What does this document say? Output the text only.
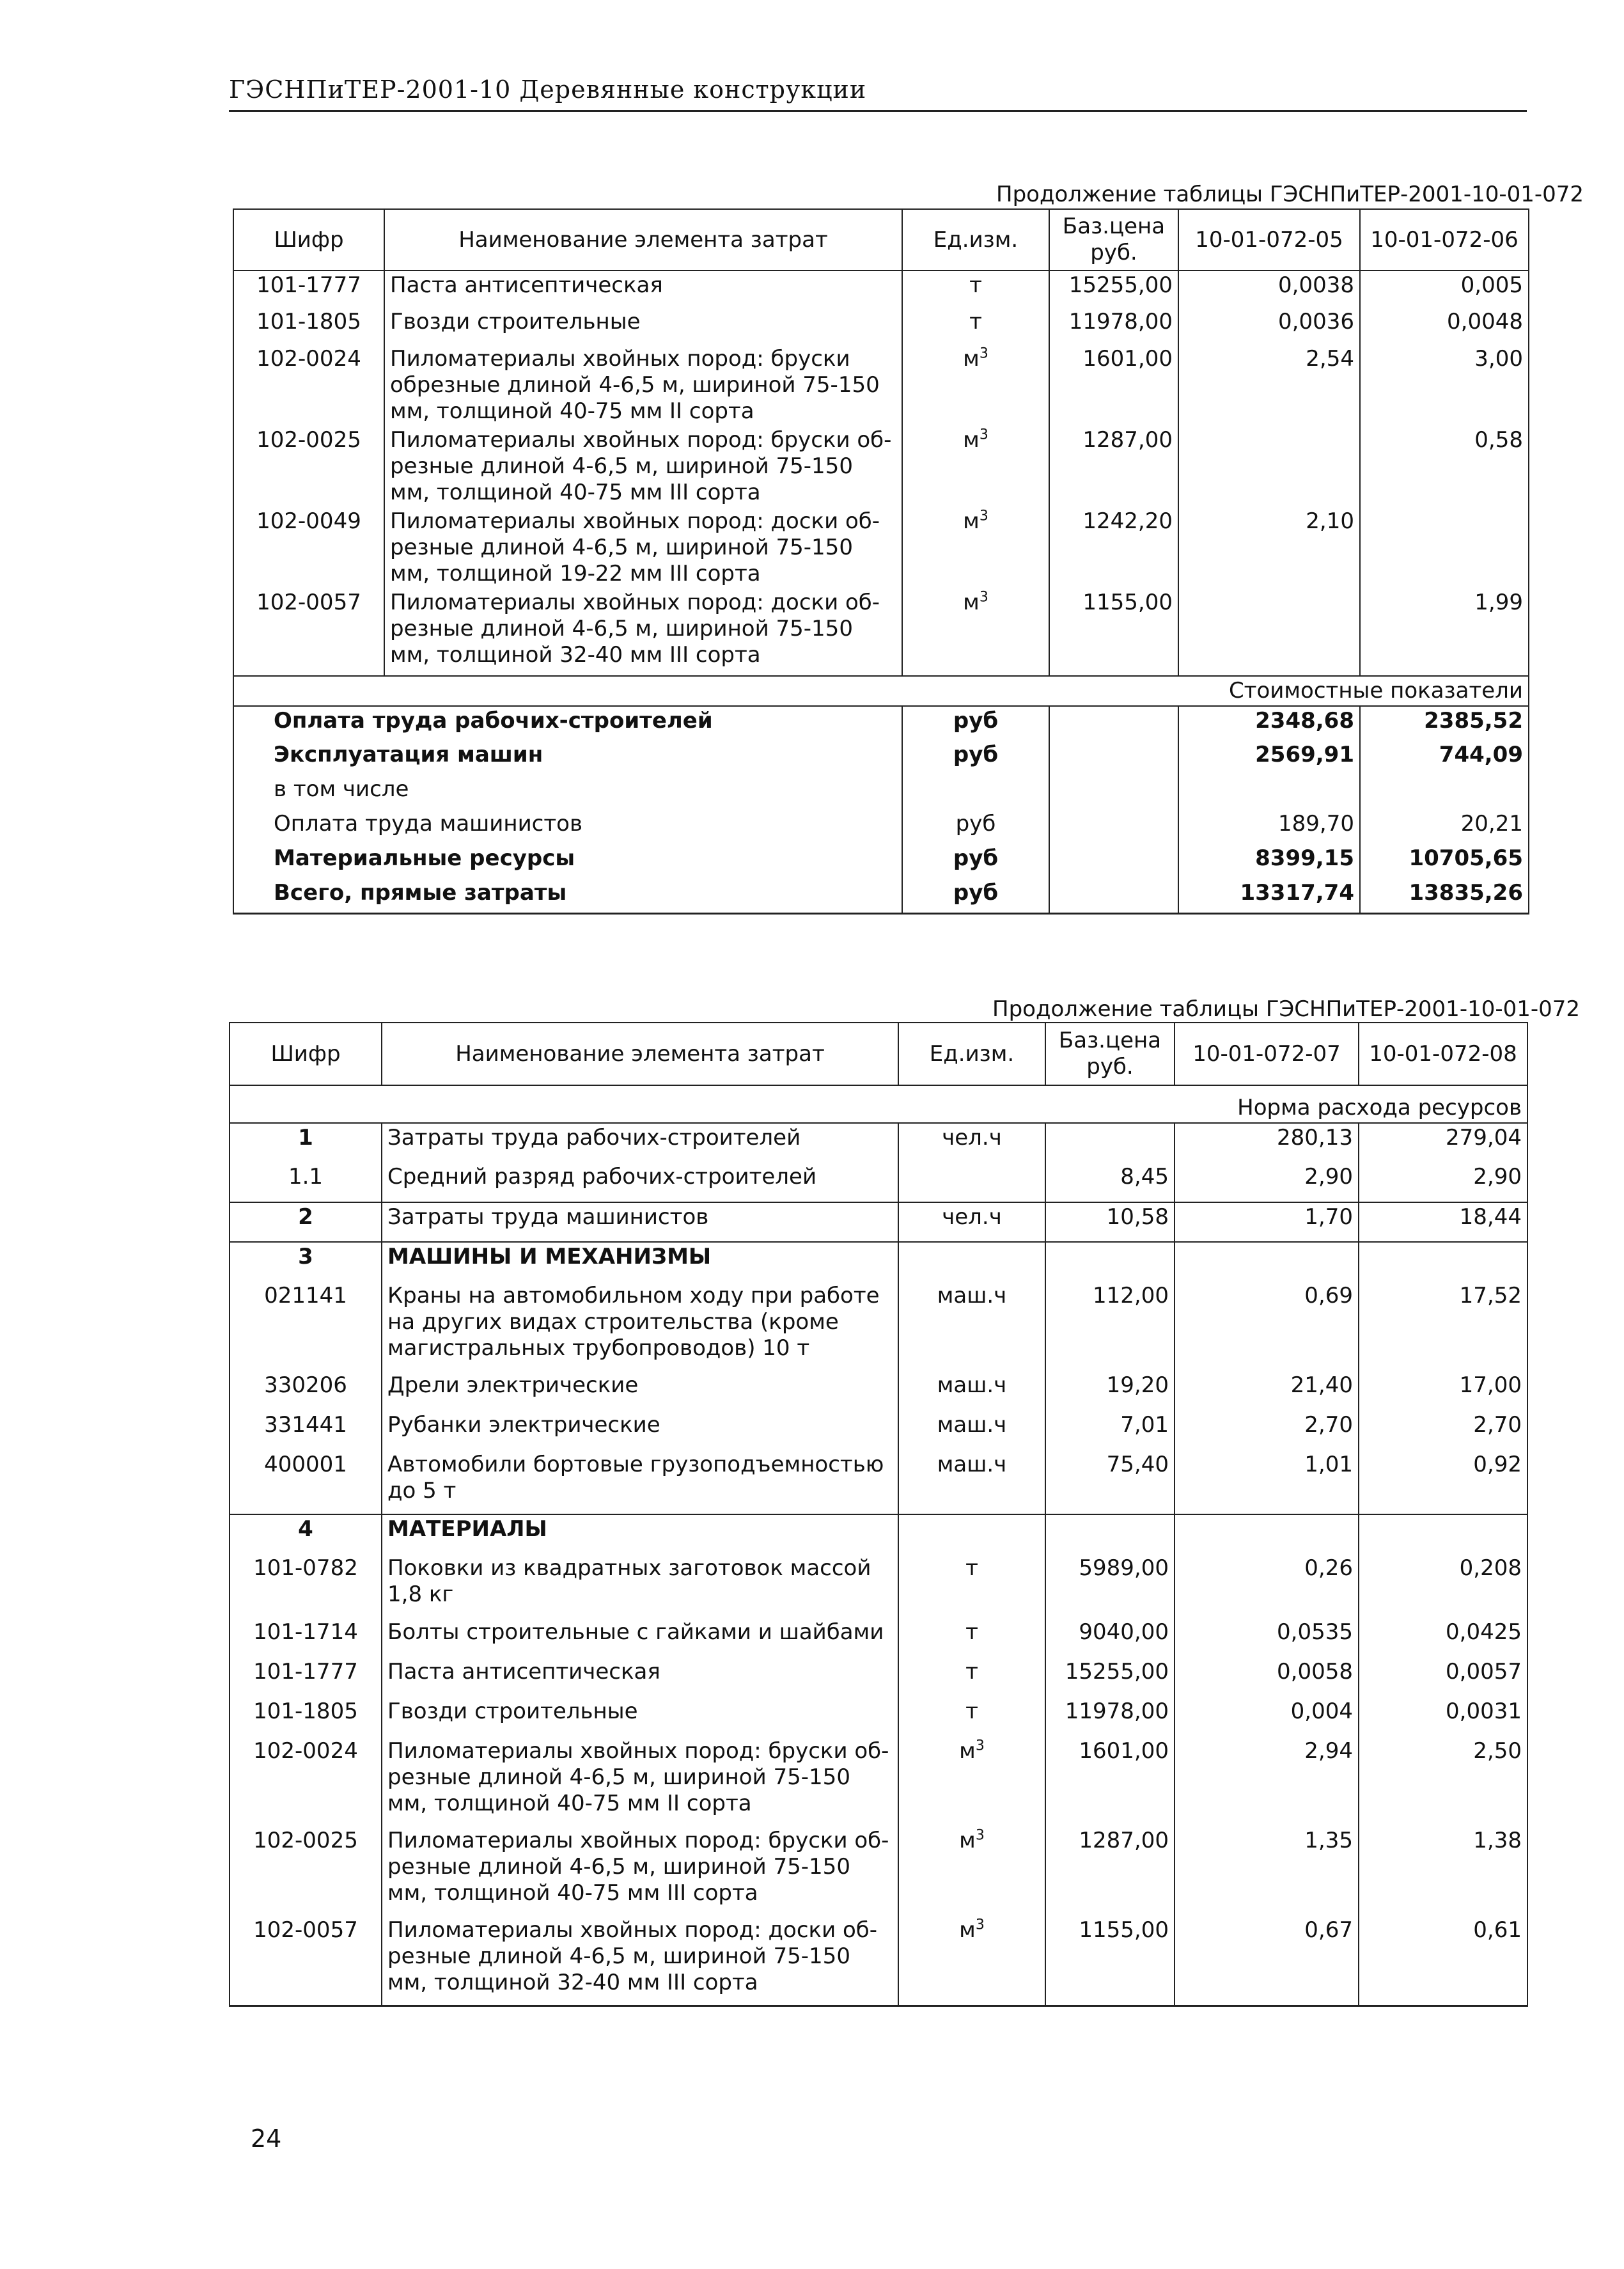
ГЭСНПиТЕР-2001-10 Деревянные конструкции
Продолжение таблицы ГЭСНПиТЕР-2001-10-01-072
Шифр	Наименование элемента затрат	Ед.изм.	Баз.цена руб.	10-01-072-05	10-01-072-06
101-1777	Паста антисептическая	т	15255,00	0,0038	0,005
101-1805	Гвозди строительные	т	11978,00	0,0036	0,0048
102-0024	Пиломатериалы хвойных пород: бруски обрезные длиной 4-6,5 м, шириной 75-150 мм, толщиной 40-75 мм II сорта	$м^3$	1601,00	2,54	3,00
102-0025	Пиломатериалы хвойных пород: бруски об-резные длиной 4-6,5 м, шириной 75-150 мм, толщиной 40-75 мм III сорта	$м^3$	1287,00		0,58
102-0049	Пиломатериалы хвойных пород: доски об-резные длиной 4-6,5 м, шириной 75-150 мм, толщиной 19-22 мм III сорта	$м^3$	1242,20	2,10	
102-0057	Пиломатериалы хвойных пород: доски об-резные длиной 4-6,5 м, шириной 75-150 мм, толщиной 32-40 мм III сорта	$м^3$	1155,00		1,99

Стоимостные показатели					
Оплата труда рабочих-строителей		руб		2348,68	2385,52
Эксплуатация машин		руб		2569,91	744,09
в том числе					
Оплата труда машинистов		руб		189,70	20,21
Материальные ресурсы		руб		8399,15	10705,65
Всего, прямые затраты		руб		13317,74	13835,26
Продолжение таблицы ГЭСНПиТЕР-2001-10-01-072
Шифр	Наименование элемента затрат	Ед.изм.	Баз.цена руб.	10-01-072-07	10-01-072-08
Норма расхода ресурсов					
1	Затраты труда рабочих-строителей	чел.ч		280,13	279,04
1.1	Средний разряд рабочих-строителей		8,45	2,90	2,90
2	Затраты труда машинистов	чел.ч	10,58	1,70	18,44
3	МАШИНЫ И МЕХАНИЗМЫ				
021141	Краны на автомобильном ходу при работе на других видах строительства (кроме магистральных трубопроводов) 10 т	маш.ч	112,00	0,69	17,52
330206	Дрели электрические	маш.ч	19,20	21,40	17,00
331441	Рубанки электрические	маш.ч	7,01	2,70	2,70
400001	Автомобили бортовые грузоподъемностью до 5 т	маш.ч	75,40	1,01	0,92
4	МАТЕРИАЛЫ				
101-0782	Поковки из квадратных заготовок массой 1,8 кг	т	5989,00	0,26	0,208
101-1714	Болты строительные с гайками и шайбами	т	9040,00	0,0535	0,0425
101-1777	Паста антисептическая	т	15255,00	0,0058	0,0057
101-1805	Гвозди строительные	т	11978,00	0,004	0,0031
102-0024	Пиломатериалы хвойных пород: бруски об-резные длиной 4-6,5 м, шириной 75-150 мм, толщиной 40-75 мм II сорта	$м^3$	1601,00	2,94	2,50
102-0025	Пиломатериалы хвойных пород: бруски об-резные длиной 4-6,5 м, шириной 75-150 мм, толщиной 40-75 мм III сорта	$м^3$	1287,00	1,35	1,38
102-0057	Пиломатериалы хвойных пород: доски об-резные длиной 4-6,5 м, шириной 75-150 мм, толщиной 32-40 мм III сорта	$м^3$	1155,00	0,67	0,61
24
